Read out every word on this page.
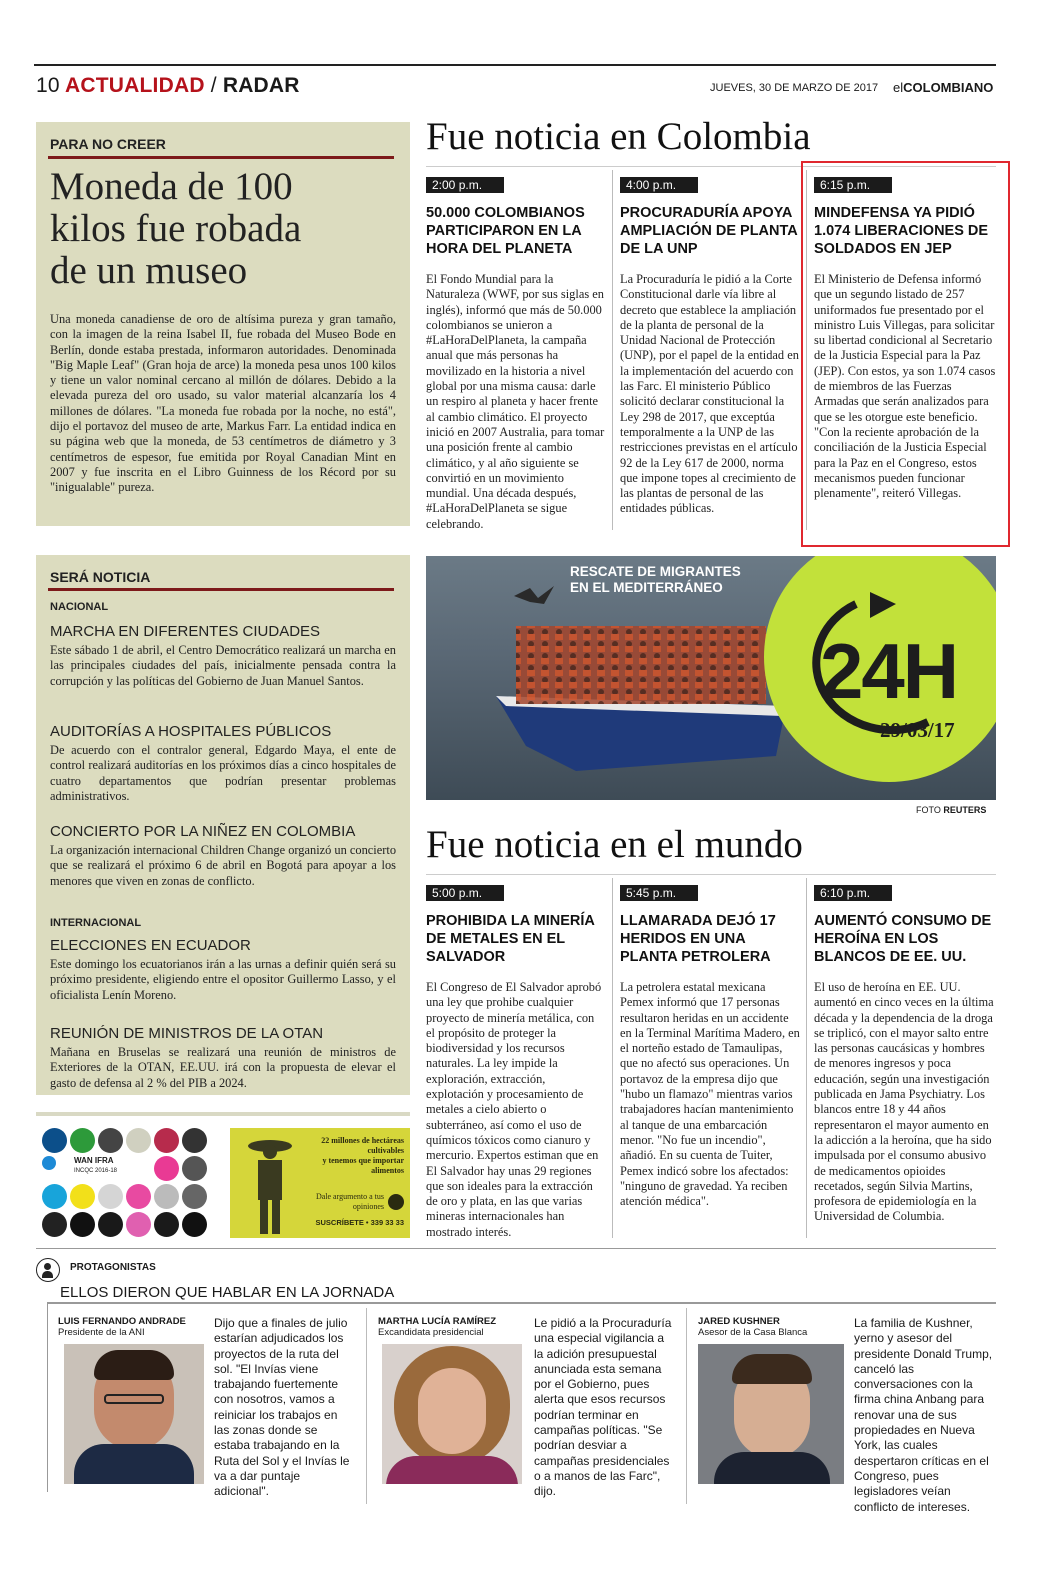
10 ACTUALIDAD / RADAR	JUEVES, 30 DE MARZO DE 2017 elCOLOMBIANO
PARA NO CREER
Moneda de 100
kilos fue robada
de un museo
Una moneda canadiense de oro de altísima pureza y gran tamaño, con la imagen de la reina Isabel II, fue robada del Museo Bode en Berlín, donde estaba prestada, informaron autoridades. Denominada "Big Maple Leaf" (Gran hoja de arce) la moneda pesa unos 100 kilos y tiene un valor nominal cercano al millón de dólares. Debido a la elevada pureza del oro usado, su valor material alcanzaría los 4 millones de dólares. "La moneda fue robada por la noche, no está", dijo el portavoz del museo de arte, Markus Farr. La entidad indica en su página web que la moneda, de 53 centímetros de diámetro y 3 centímetros de espesor, fue emitida por Royal Canadian Mint en 2007 y fue inscrita en el Libro Guinness de los Récord por su "inigualable" pureza.
Fue noticia en Colombia
2:00 p.m.
50.000 COLOMBIANOS PARTICIPARON EN LA HORA DEL PLANETA
El Fondo Mundial para la Naturaleza (WWF, por sus siglas en inglés), informó que más de 50.000 colombianos se unieron a #LaHoraDelPlaneta, la campaña anual que más personas ha movilizado en la historia a nivel global por una misma causa: darle un respiro al planeta y hacer frente al cambio climático. El proyecto inició en 2007 Australia, para tomar una posición frente al cambio climático, y al año siguiente se convirtió en un movimiento mundial. Una década después, #LaHoraDelPlaneta se sigue celebrando.
4:00 p.m.
PROCURADURÍA APOYA AMPLIACIÓN DE PLANTA DE LA UNP
La Procuraduría le pidió a la Corte Constitucional darle vía libre al decreto que establece la ampliación de la planta de personal de la Unidad Nacional de Protección (UNP), por el papel de la entidad en la implementación del acuerdo con las Farc. El ministerio Público solicitó declarar constitucional la Ley 298 de 2017, que exceptúa temporalmente a la UNP de las restricciones previstas en el artículo 92 de la Ley 617 de 2000, norma que impone topes al crecimiento de las plantas de personal de las entidades públicas.
6:15 p.m.
MINDEFENSA YA PIDIÓ 1.074 LIBERACIONES DE SOLDADOS EN JEP
El Ministerio de Defensa informó que un segundo listado de 257 uniformados fue presentado por el ministro Luis Villegas, para solicitar su libertad condicional al Secretario de la Justicia Especial para la Paz (JEP). Con estos, ya son 1.074 casos de miembros de las Fuerzas Armadas que serán analizados para que se les otorgue este beneficio. "Con la reciente aprobación de la conciliación de la Justicia Especial para la Paz en el Congreso, estos mecanismos pueden funcionar plenamente", reiteró Villegas.
SERÁ NOTICIA
NACIONAL
MARCHA EN DIFERENTES CIUDADES
Este sábado 1 de abril, el Centro Democrático realizará un marcha en las principales ciudades del país, inicialmente pensada contra la corrupción y las políticas del Gobierno de Juan Manuel Santos.
AUDITORÍAS A HOSPITALES PÚBLICOS
De acuerdo con el contralor general, Edgardo Maya, el ente de control realizará auditorías en los próximos días a cinco hospitales de cuatro departamentos que podrían presentar problemas administrativos.
CONCIERTO POR LA NIÑEZ EN COLOMBIA
La organización internacional Children Change organizó un concierto que se realizará el próximo 6 de abril en Bogotá para apoyar a los menores que viven en zonas de conflicto.
INTERNACIONAL
ELECCIONES EN ECUADOR
Este domingo los ecuatorianos irán a las urnas a definir quién será su próximo presidente, eligiendo entre el opositor Guillermo Lasso, y el oficialista Lenín Moreno.
REUNIÓN DE MINISTROS DE LA OTAN
Mañana en Bruselas se realizará una reunión de ministros de Exteriores de la OTAN, EE.UU. irá con la propuesta de elevar el gasto de defensa al 2 % del PIB a 2024.
RESCATE DE MIGRANTES
EN EL MEDITERRÁNEO
24H
29/03/17
FOTO REUTERS
Fue noticia en el mundo
5:00 p.m.
PROHIBIDA LA MINERÍA DE METALES EN EL SALVADOR
El Congreso de El Salvador aprobó una ley que prohibe cualquier proyecto de minería metálica, con el propósito de proteger la biodiversidad y los recursos naturales. La ley impide la exploración, extracción, explotación y procesamiento de metales a cielo abierto o subterráneo, así como el uso de químicos tóxicos como cianuro y mercurio. Expertos estiman que en El Salvador hay unas 29 regiones que son ideales para la extracción de oro y plata, en las que varias mineras internacionales han mostrado interés.
5:45 p.m.
LLAMARADA DEJÓ 17 HERIDOS EN UNA PLANTA PETROLERA
La petrolera estatal mexicana Pemex informó que 17 personas resultaron heridas en un accidente en la Terminal Marítima Madero, en el norteño estado de Tamaulipas, que no afectó sus operaciones. Un portavoz de la empresa dijo que "hubo un flamazo" mientras varios trabajadores hacían mantenimiento al tanque de una embarcación menor. "No fue un incendio", añadió. En su cuenta de Tuiter, Pemex indicó sobre los afectados: "ninguno de gravedad. Ya reciben atención médica".
6:10 p.m.
AUMENTÓ CONSUMO DE HEROÍNA EN LOS BLANCOS DE EE. UU.
El uso de heroína en EE. UU. aumentó en cinco veces en la última década y la dependencia de la droga se triplicó, con el mayor salto entre las personas caucásicas y hombres de menores ingresos y poca educación, según una investigación publicada en Jama Psychiatry. Los blancos entre 18 y 44 años representaron el mayor aumento en la adicción a la heroína, que ha sido impulsada por el consumo abusivo de medicamentos opioides recetados, según Silvia Martins, profesora de epidemiología en la Universidad de Columbia.
WAN IFRA
INCQC 2016-18
22 millones de hectáreas cultivables
y tenemos que importar alimentos
Dale argumento a tus opiniones
SUSCRÍBETE • 339 33 33
PROTAGONISTAS
ELLOS DIERON QUE HABLAR EN LA JORNADA
LUIS FERNANDO ANDRADE
Presidente de la ANI
Dijo que a finales de julio estarían adjudicados los proyectos de la ruta del sol. "El Invías viene trabajando fuertemente con nosotros, vamos a reiniciar los trabajos en las zonas donde se estaba trabajando en la Ruta del Sol y el Invías le va a dar puntaje adicional".
MARTHA LUCÍA RAMÍREZ
Excandidata presidencial
Le pidió a la Procuraduría una especial vigilancia a la adición presupuestal anunciada esta semana por el Gobierno, pues alerta que esos recursos podrían terminar en campañas políticas. "Se podrían desviar a campañas presidenciales o a manos de las Farc", dijo.
JARED KUSHNER
Asesor de la Casa Blanca
La familia de Kushner, yerno y asesor del presidente Donald Trump, canceló las conversaciones con la firma china Anbang para renovar una de sus propiedades en Nueva York, las cuales despertaron críticas en el Congreso, pues legisladores veían conflicto de intereses.
